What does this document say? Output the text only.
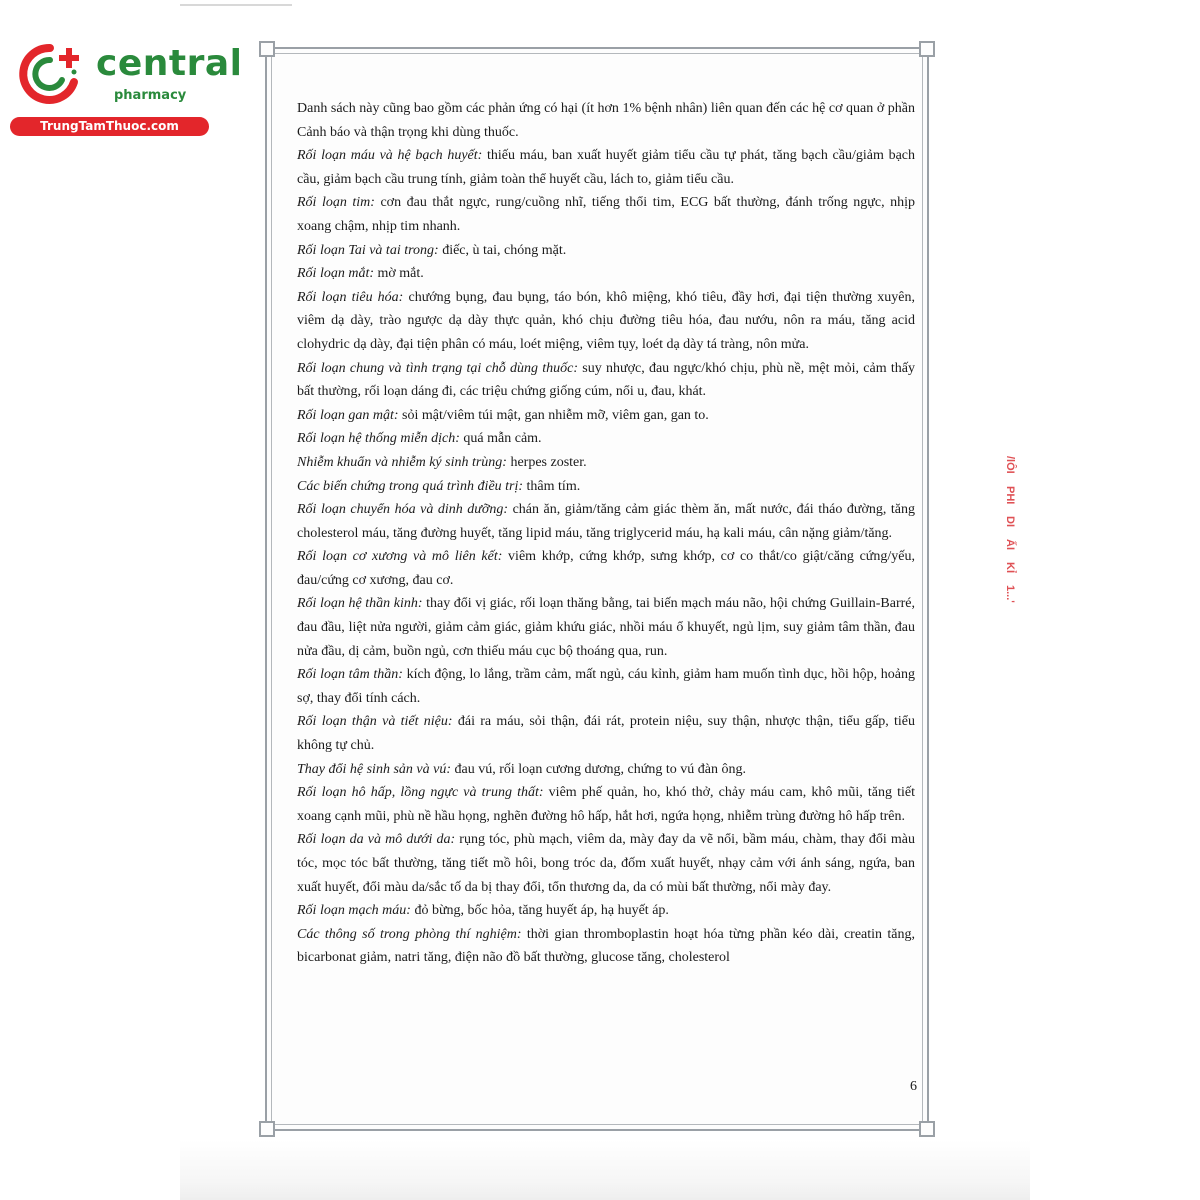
central
pharmacy
TrungTamThuoc.com

Danh sách này cũng bao gồm các phản ứng có hại (ít hơn 1% bệnh nhân) liên quan đến các hệ cơ quan ở phần Cảnh báo và thận trọng khi dùng thuốc.

Rối loạn máu và hệ bạch huyết: thiếu máu, ban xuất huyết giảm tiểu cầu tự phát, tăng bạch cầu/giảm bạch cầu, giảm bạch cầu trung tính, giảm toàn thể huyết cầu, lách to, giảm tiểu cầu.

Rối loạn tim: cơn đau thắt ngực, rung/cuồng nhĩ, tiếng thổi tim, ECG bất thường, đánh trống ngực, nhịp xoang chậm, nhịp tim nhanh.

Rối loạn Tai và tai trong: điếc, ù tai, chóng mặt.

Rối loạn mắt: mờ mắt.

Rối loạn tiêu hóa: chướng bụng, đau bụng, táo bón, khô miệng, khó tiêu, đầy hơi, đại tiện thường xuyên, viêm dạ dày, trào ngược dạ dày thực quản, khó chịu đường tiêu hóa, đau nướu, nôn ra máu, tăng acid clohydric dạ dày, đại tiện phân có máu, loét miệng, viêm tụy, loét dạ dày tá tràng, nôn mửa.

Rối loạn chung và tình trạng tại chỗ dùng thuốc: suy nhược, đau ngực/khó chịu, phù nề, mệt mỏi, cảm thấy bất thường, rối loạn dáng đi, các triệu chứng giống cúm, nổi u, đau, khát.

Rối loạn gan mật: sỏi mật/viêm túi mật, gan nhiễm mỡ, viêm gan, gan to.

Rối loạn hệ thống miễn dịch: quá mẫn cảm.

Nhiễm khuẩn và nhiễm ký sinh trùng: herpes zoster.

Các biến chứng trong quá trình điều trị: thâm tím.

Rối loạn chuyển hóa và dinh dưỡng: chán ăn, giảm/tăng cảm giác thèm ăn, mất nước, đái tháo đường, tăng cholesterol máu, tăng đường huyết, tăng lipid máu, tăng triglycerid máu, hạ kali máu, cân nặng giảm/tăng.

Rối loạn cơ xương và mô liên kết: viêm khớp, cứng khớp, sưng khớp, cơ co thắt/co giật/căng cứng/yếu, đau/cứng cơ xương, đau cơ.

Rối loạn hệ thần kinh: thay đổi vị giác, rối loạn thăng bằng, tai biến mạch máu não, hội chứng Guillain-Barré, đau đầu, liệt nửa người, giảm cảm giác, giảm khứu giác, nhồi máu ổ khuyết, ngủ lịm, suy giảm tâm thần, đau nửa đầu, dị cảm, buồn ngủ, cơn thiếu máu cục bộ thoáng qua, run.

Rối loạn tâm thần: kích động, lo lắng, trầm cảm, mất ngủ, cáu kỉnh, giảm ham muốn tình dục, hồi hộp, hoảng sợ, thay đổi tính cách.

Rối loạn thận và tiết niệu: đái ra máu, sỏi thận, đái rát, protein niệu, suy thận, nhược thận, tiểu gấp, tiểu không tự chủ.

Thay đổi hệ sinh sản và vú: đau vú, rối loạn cương dương, chứng to vú đàn ông.

Rối loạn hô hấp, lồng ngực và trung thất: viêm phế quản, ho, khó thở, chảy máu cam, khô mũi, tăng tiết xoang cạnh mũi, phù nề hầu họng, nghẽn đường hô hấp, hắt hơi, ngứa họng, nhiễm trùng đường hô hấp trên.

Rối loạn da và mô dưới da: rụng tóc, phù mạch, viêm da, mày đay da vẽ nổi, bầm máu, chàm, thay đổi màu tóc, mọc tóc bất thường, tăng tiết mồ hôi, bong tróc da, đốm xuất huyết, nhạy cảm với ánh sáng, ngứa, ban xuất huyết, đổi màu da/sắc tố da bị thay đổi, tổn thương da, da có mùi bất thường, nổi mày đay.

Rối loạn mạch máu: đỏ bừng, bốc hỏa, tăng huyết áp, hạ huyết áp.

Các thông số trong phòng thí nghiệm: thời gian thromboplastin hoạt hóa từng phần kéo dài, creatin tăng, bicarbonat giảm, natri tăng, điện não đồ bất thường, glucose tăng, cholesterol

6
/lÔI
PHI
DI
ẤI
KỈ
1...'
